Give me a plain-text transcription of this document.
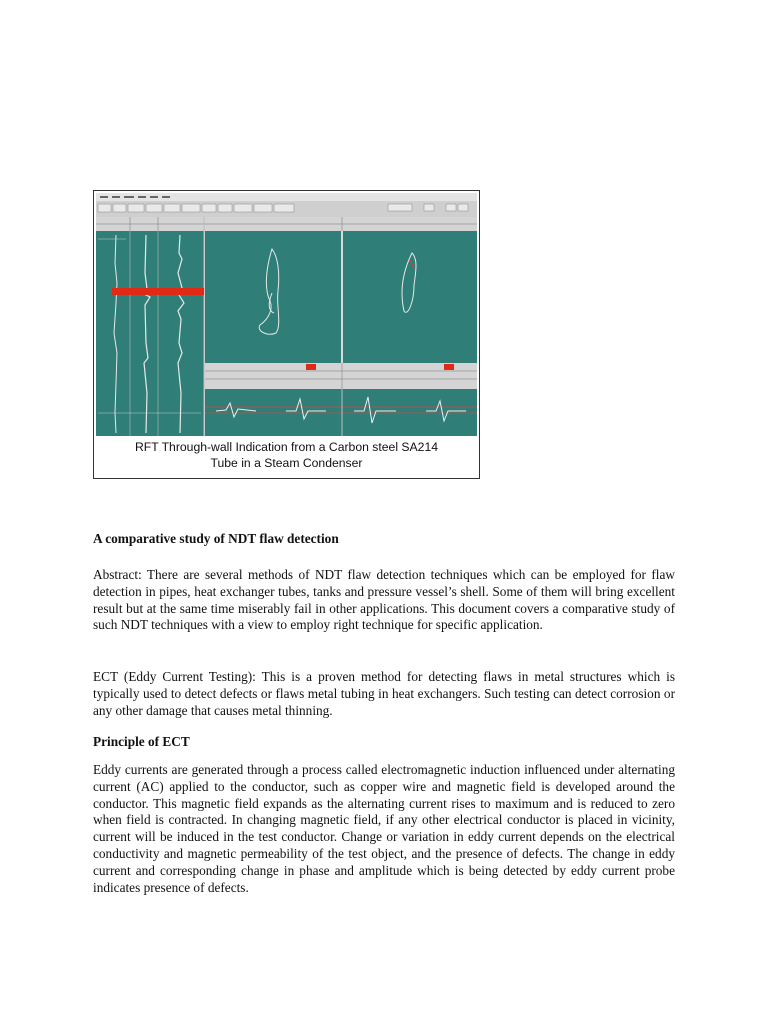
RFT Through-wall Indication from a Carbon steel SA214
Tube in a Steam Condenser

A comparative study of NDT flaw detection

Abstract: There are several methods of NDT flaw detection techniques which can be employed for flaw detection in pipes, heat exchanger tubes, tanks and pressure vessel’s shell. Some of them will bring excellent result but at the same time miserably fail in other applications. This document covers a comparative study of such NDT techniques with a view to employ right technique for specific application.

ECT (Eddy Current Testing): This is a proven method for detecting flaws in metal structures which is typically used to detect defects or flaws metal tubing in heat exchangers. Such testing can detect corrosion or any other damage that causes metal thinning.

Principle of ECT

Eddy currents are generated through a process called electromagnetic induction influenced under alternating current (AC) applied to the conductor, such as copper wire and magnetic field is developed around the conductor. This magnetic field expands as the alternating current rises to maximum and is reduced to zero when field is contracted. In changing magnetic field, if any other electrical conductor is placed in vicinity, current will be induced in the test conductor. Change or variation in eddy current depends on the electrical conductivity and magnetic permeability of the test object, and the presence of defects. The change in eddy current and corresponding change in phase and amplitude which is being detected by eddy current probe indicates presence of defects.
